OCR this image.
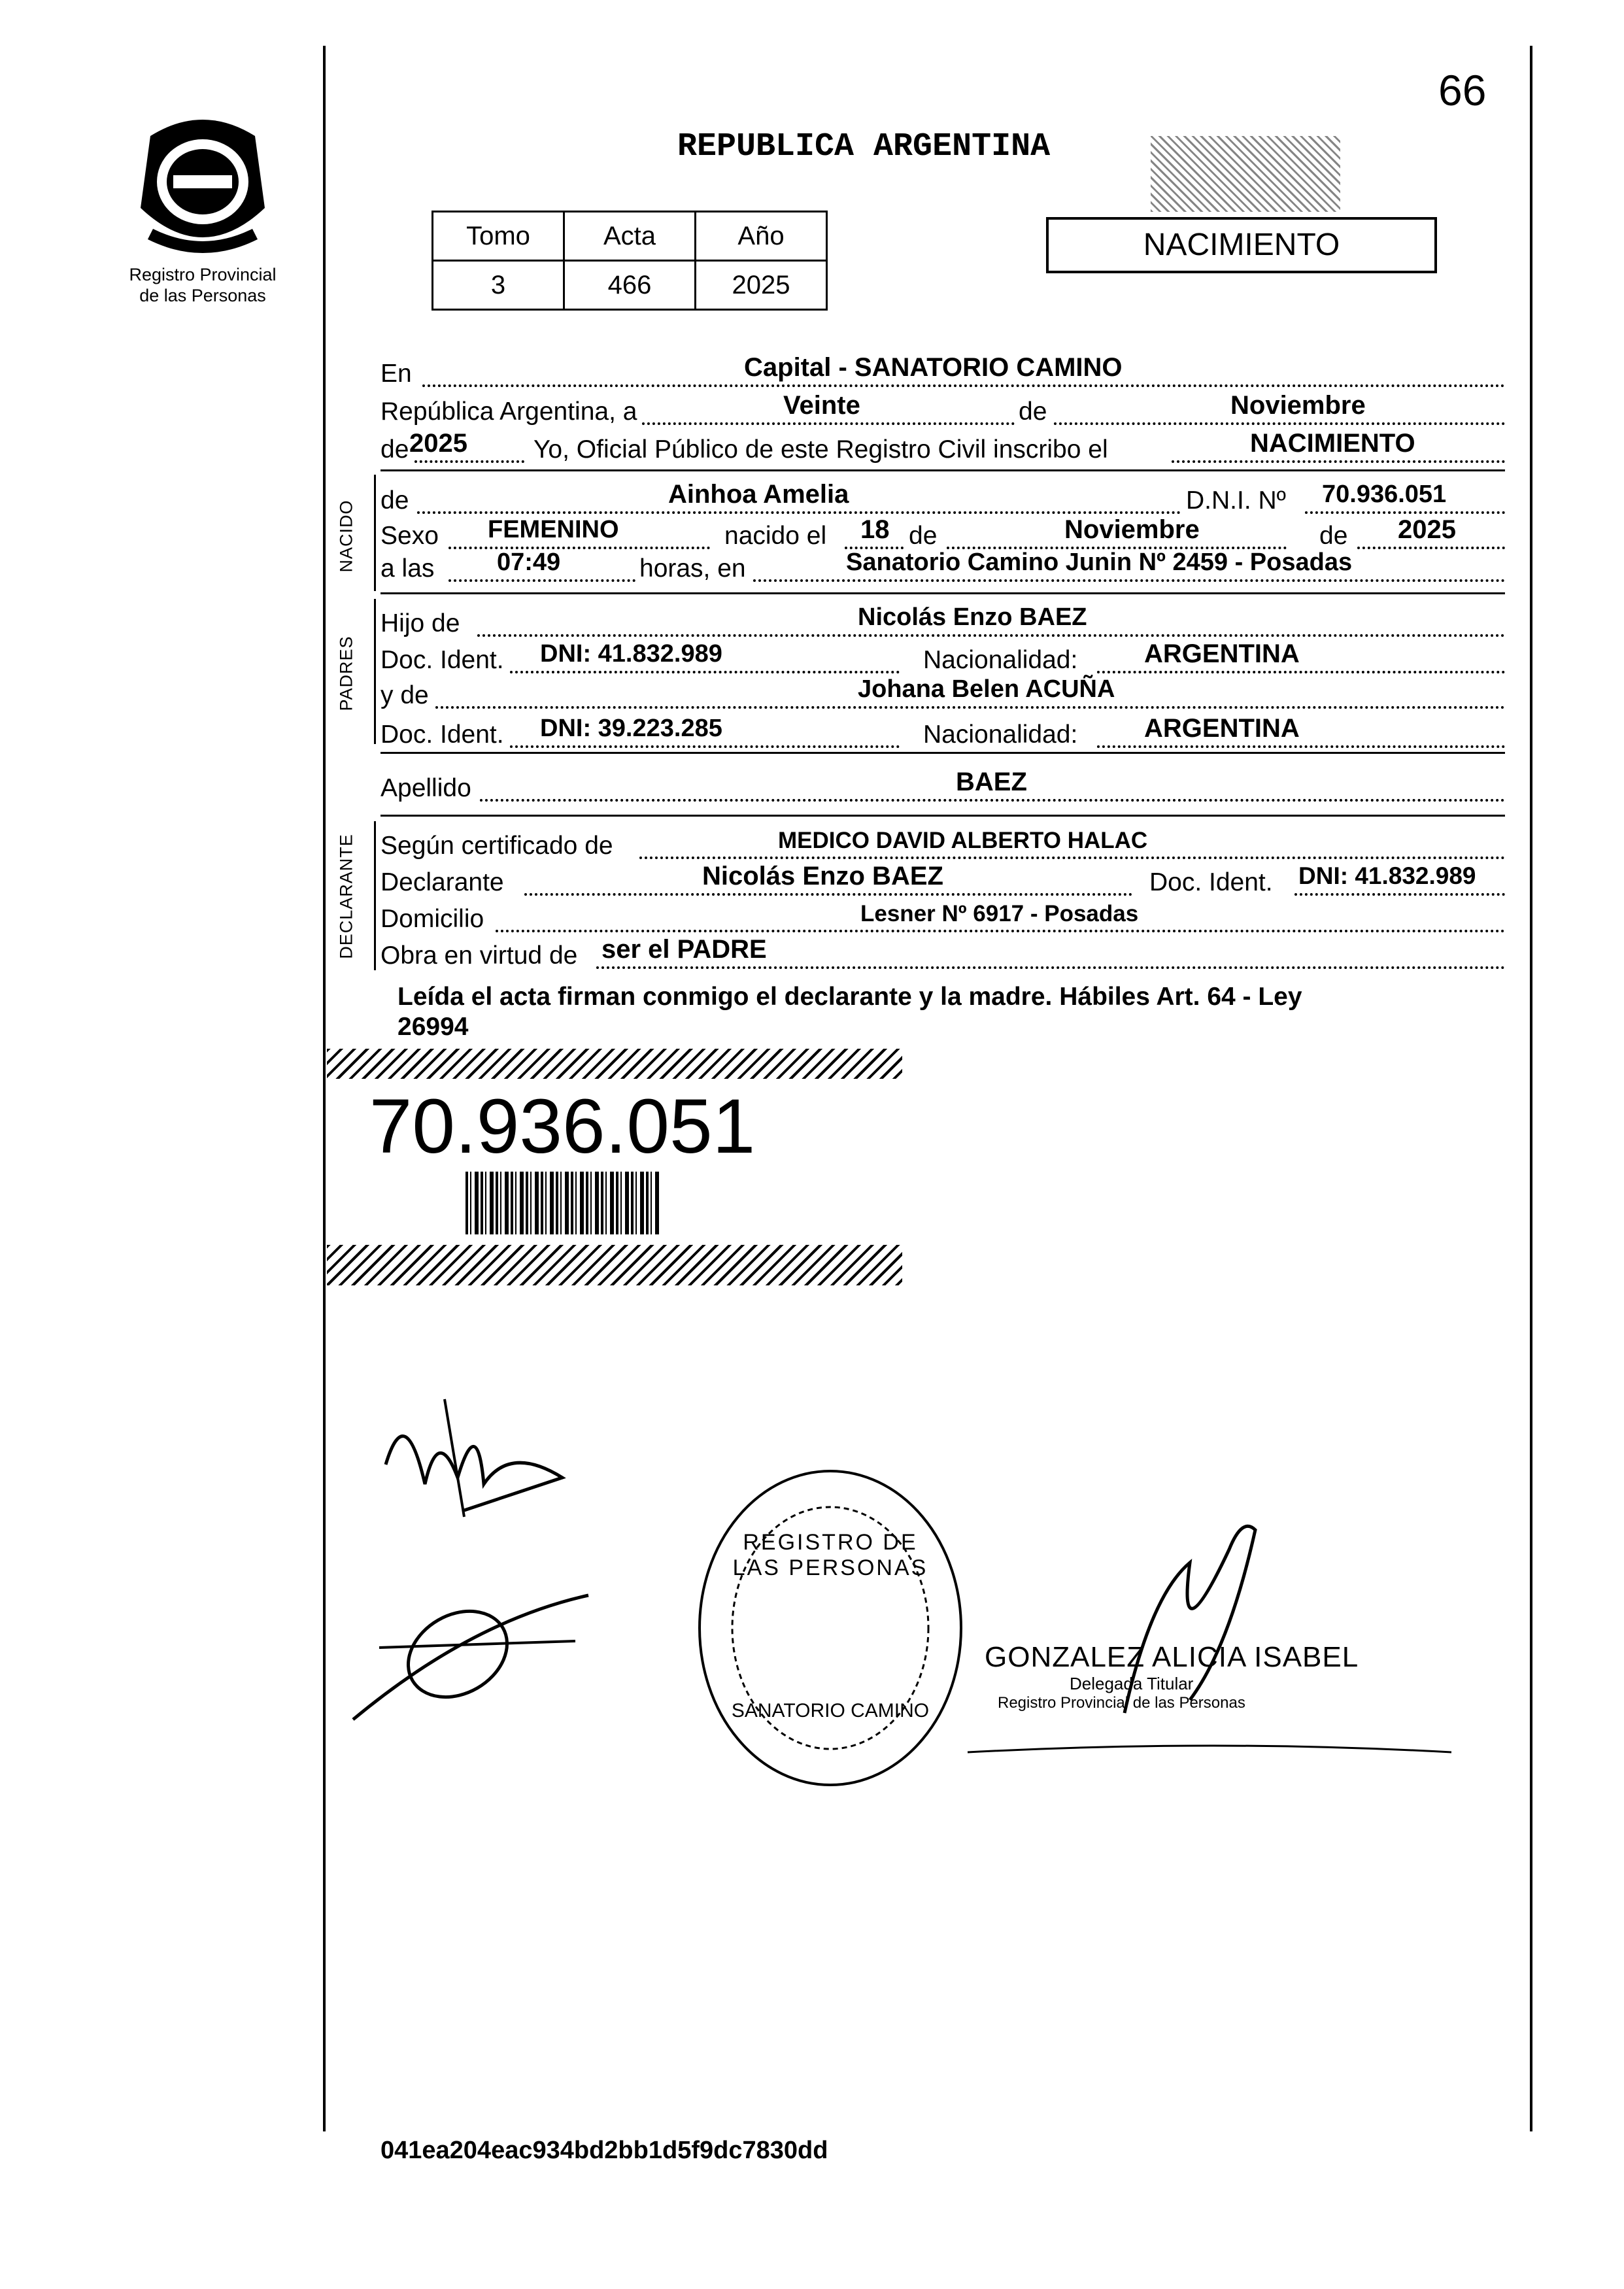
66
Registro Provincial
de las Personas
REPUBLICA ARGENTINA
Tomo	Acta	Año
3	466	2025
NACIMIENTO
En	Capital - SANATORIO CAMINO
República Argentina, a	Veinte	de	Noviembre
de 2025	Yo, Oficial Público de este Registro Civil inscribo el	NACIMIENTO
NACIDO de	Ainhoa Amelia	D.N.I. Nº 70.936.051
Sexo FEMENINO	nacido el 18 de	Noviembre	de 2025
a las	07:49	horas, en	Sanatorio Camino Junin Nº 2459 - Posadas
PADRES
Hijo de	Nicolás Enzo BAEZ
Doc. Ident. DNI: 41.832.989	Nacionalidad:	ARGENTINA
y de	Johana Belen ACUÑA
Doc. Ident. DNI: 39.223.285	Nacionalidad:	ARGENTINA
Apellido	BAEZ
DECLARANTE Según certificado de	MEDICO DAVID ALBERTO HALAC
Declarante	Nicolás Enzo BAEZ	Doc. Ident. DNI: 41.832.989
Domicilio	Lesner Nº 6917 - Posadas
Obra en virtud de ser el PADRE
Leída el acta firman conmigo el declarante y la madre. Hábiles Art. 64 - Ley
26994
70.936.051
REGISTRO DE LAS PERSONAS
SANATORIO CAMINO
GONZALEZ ALICIA ISABEL
Delegada Titular
Registro Provincial de las Personas
041ea204eac934bd2bb1d5f9dc7830dd
